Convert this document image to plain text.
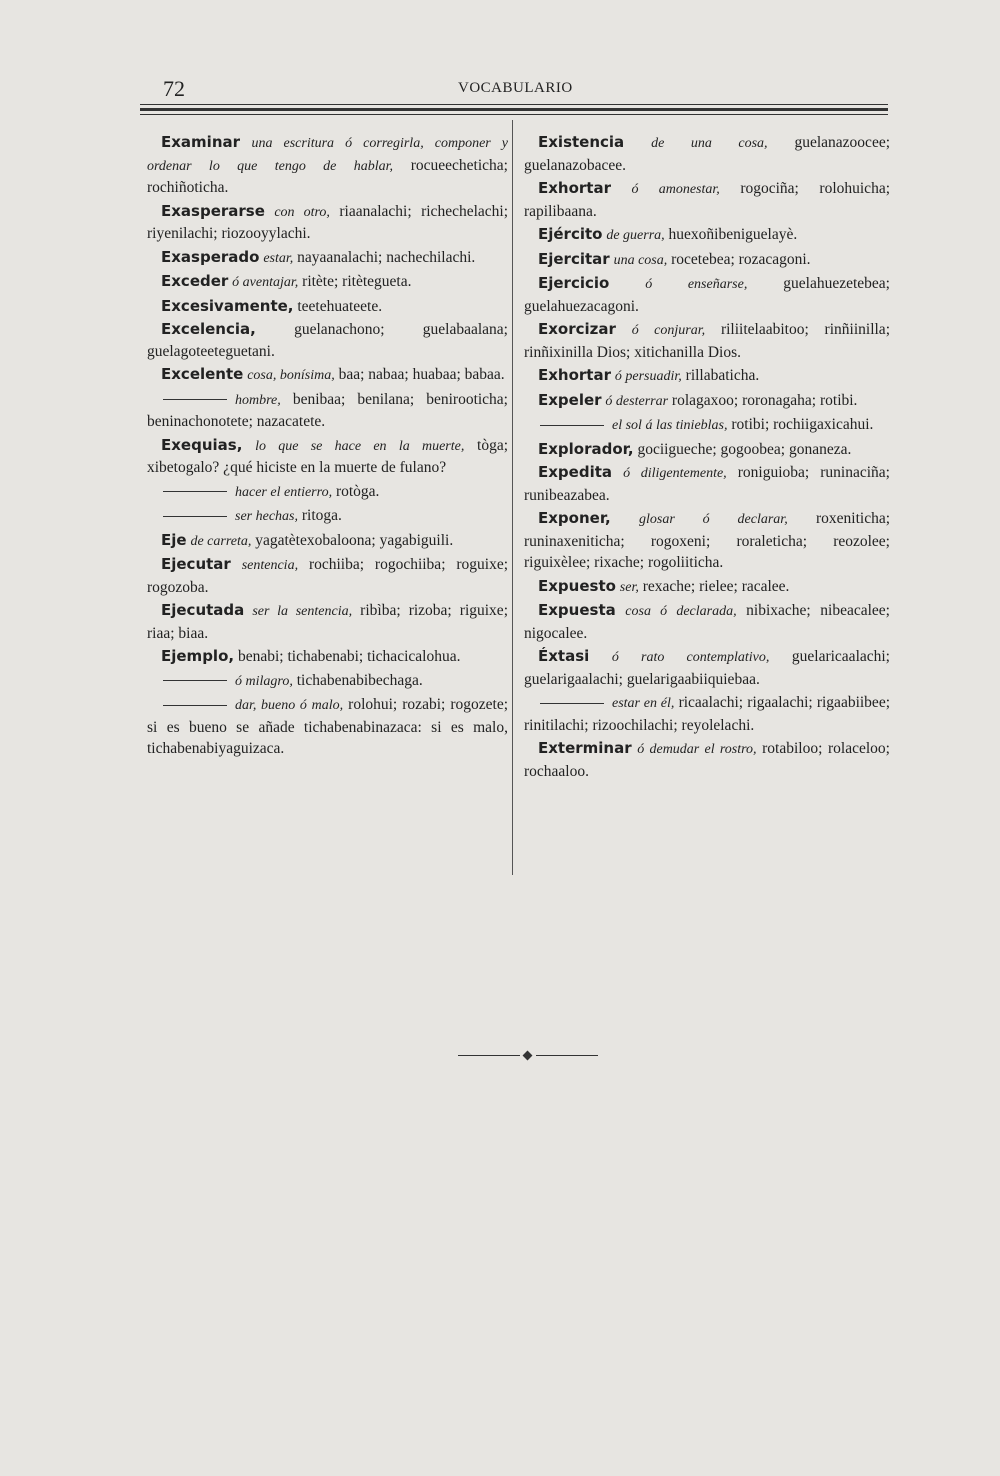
72	VOCABULARIO

Examinar una escritura ó corregirla, componer y ordenar lo que tengo de hablar, rocueecheticha; rochiñoticha.

Exasperarse con otro, riaanalachi; richechelachi; riyenilachi; riozooyylachi.

Exasperado estar, nayaanalachi; nachechilachi.

Exceder ó aventajar, ritète; ritètegueta.

Excesivamente, teetehuateete.

Excelencia, guelanachono; guelabaalana; guelagoteeteguetani.

Excelente cosa, bonísima, baa; nabaa; huabaa; babaa.

hombre, benibaa; benilana; benirooticha; beninachonotete; nazacatete.

Exequias, lo que se hace en la muerte, tòga; xibetogalo? ¿qué hiciste en la muerte de fulano?

hacer el entierro, rotòga.

ser hechas, ritoga.

Eje de carreta, yagatètexobaloona; yagabiguili.

Ejecutar sentencia, rochiiba; rogochiiba; roguixe; rogozoba.

Ejecutada ser la sentencia, ribìba; rizoba; riguixe; riaa; biaa.

Ejemplo, benabi; tichabenabi; tichacicalohua.

ó milagro, tichabenabibechaga.

dar, bueno ó malo, rolohui; rozabi; rogozete; si es bueno se añade tichabenabinazaca: si es malo, tichabenabiyaguizaca.

Existencia de una cosa, guelanazoocee; guelanazobacee.

Exhortar ó amonestar, rogociña; rolohuicha; rapilibaana.

Ejército de guerra, huexoñibeniguelayè.

Ejercitar una cosa, rocetebea; rozacagoni.

Ejercicio	ó enseñarse, guelahuezetebea; guelahuezacagoni.

Exorcizar ó conjurar, riliitelaabitoo; rinñiinilla; rinñixinilla Dios; xitichanilla Dios.

Exhortar ó persuadir, rillabaticha.

Expeler ó desterrar rolagaxoo; roronagaha; rotibi.

el sol á las tinieblas, rotibi; rochiigaxicahui.

Explorador, gociigueche; gogoobea; gonaneza.

Expedita ó diligentemente, roniguioba; runinaciña; runibeazabea.

Exponer, glosar ó declarar, roxeniticha; runinaxeniticha; rogoxeni; roraleticha; reozolee; riguixèlee; rixache; rogoliiticha.

Expuesto ser, rexache; rielee; racalee.

Expuesta cosa ó declarada, nibixache; nibeacalee; nigocalee.

Éxtasi ó rato contemplativo, guelaricaalachi; guelarigaalachi; guelarigaabiiquiebaa.

estar en él, ricaalachi; rigaalachi; rigaabiibee; rinitilachi; rizoochilachi; reyolelachi.

Exterminar ó demudar el rostro, rotabiloo; rolaceloo; rochaaloo.
